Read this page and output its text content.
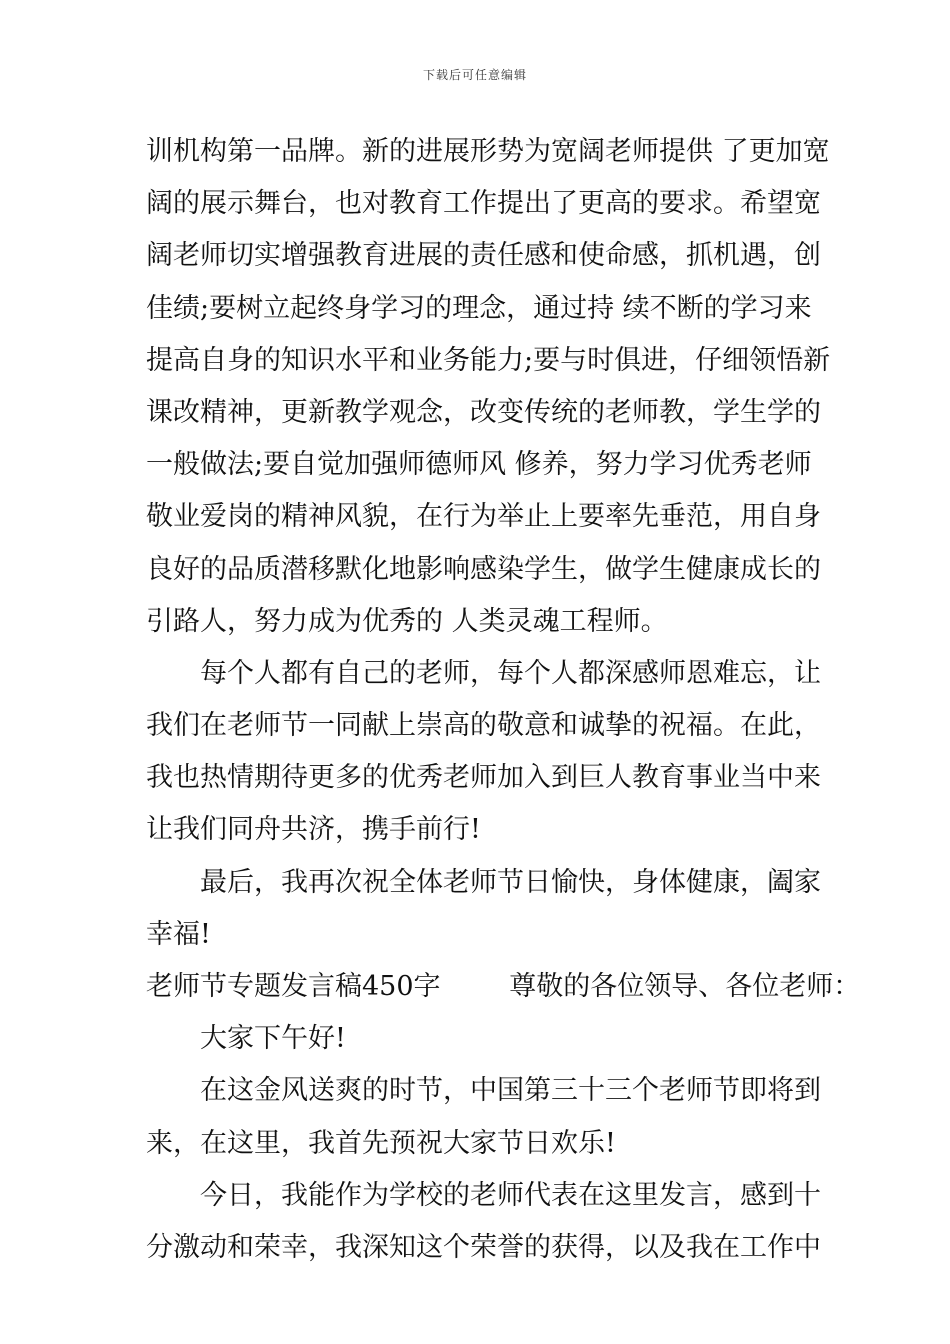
下载后可任意编辑
训机构第一品牌。新的进展形势为宽阔老师提供 了更加宽
阔的展示舞台，也对教育工作提出了更高的要求。希望宽
阔老师切实增强教育进展的责任感和使命感，抓机遇，创
佳绩;要树立起终身学习的理念，通过持 续不断的学习来
提高自身的知识水平和业务能力;要与时俱进，仔细领悟新
课改精神，更新教学观念，改变传统的老师教，学生学的
一般做法;要自觉加强师德师风 修养，努力学习优秀老师
敬业爱岗的精神风貌，在行为举止上要率先垂范，用自身
良好的品质潜移默化地影响感染学生，做学生健康成长的
引路人，努力成为优秀的 人类灵魂工程师。
每个人都有自己的老师，每个人都深感师恩难忘，让
我们在老师节一同献上崇高的敬意和诚挚的祝福。在此，
我也热情期待更多的优秀老师加入到巨人教育事业当中来
让我们同舟共济，携手前行!
最后，我再次祝全体老师节日愉快，身体健康，阖家
幸福!
老师节专题发言稿450字        尊敬的各位领导、各位老师：
大家下午好!
在这金风送爽的时节，中国第三十三个老师节即将到
来，在这里，我首先预祝大家节日欢乐!
今日，我能作为学校的老师代表在这里发言，感到十
分激动和荣幸，我深知这个荣誉的获得，以及我在工作中
